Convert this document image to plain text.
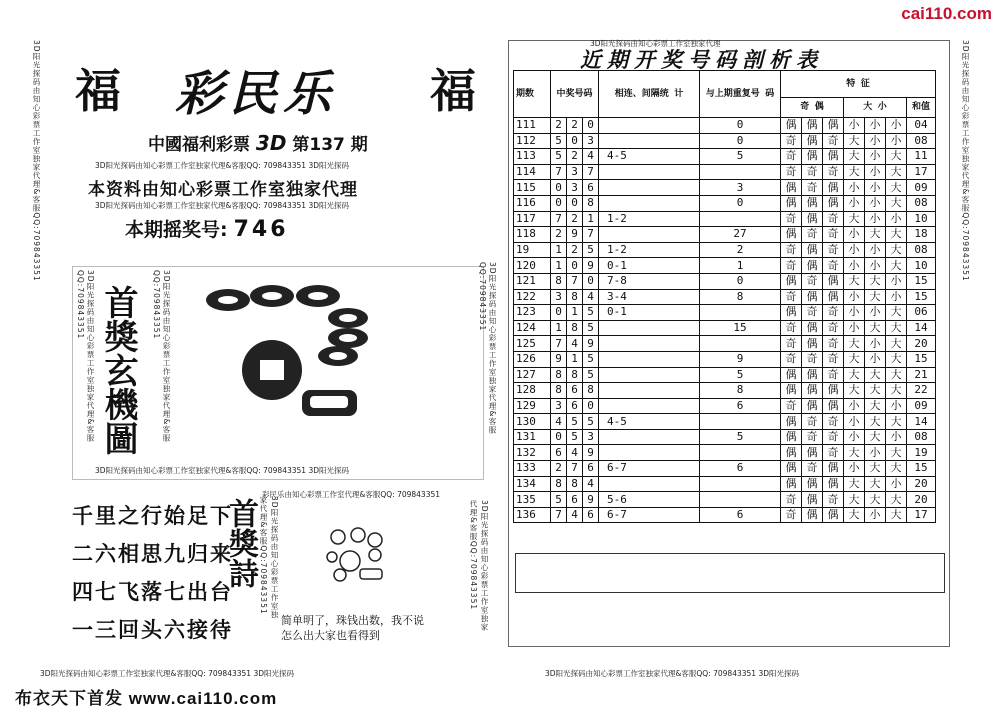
cai110.com
3D阳光探码由知心彩票工作室独家代理&客服QQ:709843351 福	福
彩民乐
中國福利彩票 3D 第137 期
3D阳光探码由知心彩票工作室独家代理&客服QQ: 709843351 3D阳光探码
本资料由知心彩票工作室独家代理
3D阳光探码由知心彩票工作室独家代理&客服QQ: 709843351 3D阳光探码
本期摇奖号: 746
3D阳光探码由知心彩票工作室独家代理&客服QQ:709843351	3D阳光探码由知心彩票工作室独家代理&客服QQ:709843351
首獎玄機圖
3D阳光探码由知心彩票工作室独家代理&客服QQ: 709843351 3D阳光探码
千里之行始足下
二六相思九归来
四七飞落七出台
一三回头六接待
首獎詩	3D阳光探码由知心彩票工作室独家代理&客服QQ:709843351
彩民乐由知心彩票工作室代理&客服QQ: 709843351
简单明了，珠钱出数，我不说
怎么出大家也看得到
3D阳光探码由知心彩票工作室独家代理&客服QQ:709843351
3D阳光探码由知心彩票工作室独家代理&客服QQ:709843351
3D阳光探码由知心彩票工作室独家代理&客服QQ:709843351
3D阳光探码由知心彩票工作室独家代理
近期开奖号码剖析表
期数	中奖号码			相连、间隔统 计	与上期重复号 码	特 征						
						奇 偶			大 小			和值
111	2	2	0		0	偶	偶	偶	小	小	小	04
112	5	0	3		0	奇	偶	奇	大	小	小	08
113	5	2	4	4-5	5	奇	偶	偶	大	小	大	11
114	7	3	7			奇	奇	奇	大	小	大	17
115	0	3	6		3	偶	奇	偶	小	小	大	09
116	0	0	8		0	偶	偶	偶	小	小	大	08
117	7	2	1	1-2		奇	偶	奇	大	小	小	10
118	2	9	7		27	偶	奇	奇	小	大	大	18
19	1	2	5	1-2	2	奇	偶	奇	小	小	大	08
120	1	0	9	0-1	1	奇	偶	奇	小	小	大	10
121	8	7	0	7-8	0	偶	奇	偶	大	大	小	15
122	3	8	4	3-4	8	奇	偶	偶	小	大	小	15
123	0	1	5	0-1		偶	奇	奇	小	小	大	06
124	1	8	5		15	奇	偶	奇	小	大	大	14
125	7	4	9			奇	偶	奇	大	小	大	20
126	9	1	5		9	奇	奇	奇	大	小	大	15
127	8	8	5		5	偶	偶	奇	大	大	大	21
128	8	6	8		8	偶	偶	偶	大	大	大	22
129	3	6	0		6	奇	偶	偶	小	大	小	09
130	4	5	5	4-5		偶	奇	奇	小	大	大	14
131	0	5	3		5	偶	奇	奇	小	大	小	08
132	6	4	9			偶	偶	奇	大	小	大	19
133	2	7	6	6-7	6	偶	奇	偶	小	大	大	15
134	8	8	4			偶	偶	偶	大	大	小	20
135	5	6	9	5-6		奇	偶	奇	大	大	大	20
136	7	4	6	6-7	6	奇	偶	偶	大	小	大	17
3D阳光探码由知心彩票工作室独家代理&客服QQ: 709843351 3D阳光探码
3D阳光探码由知心彩票工作室独家代理&客服QQ: 709843351 3D阳光探码
布衣天下首发 www.cai110.com
